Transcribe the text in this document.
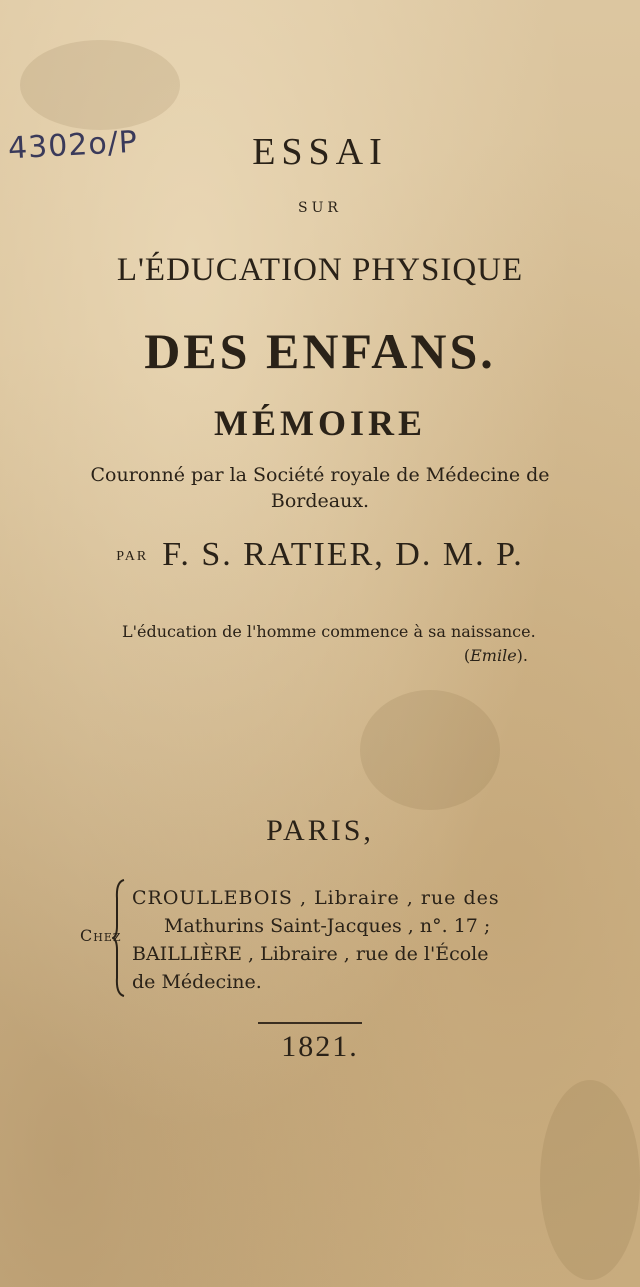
4302o/P	ESSAI
SUR
L'ÉDUCATION PHYSIQUE
DES ENFANS.
MÉMOIRE
Couronné par la Société royale de Médecine de Bordeaux.
PAR F. S. RATIER, D. M. P.
L'éducation de l'homme commence à sa naissance.
(Emile).
PARIS,
Chez
CROULLEBOIS , Libraire , rue des
Mathurins Saint-Jacques , n°. 17 ;
BAILLIÈRE , Libraire , rue de l'École
de Médecine.
1821.
